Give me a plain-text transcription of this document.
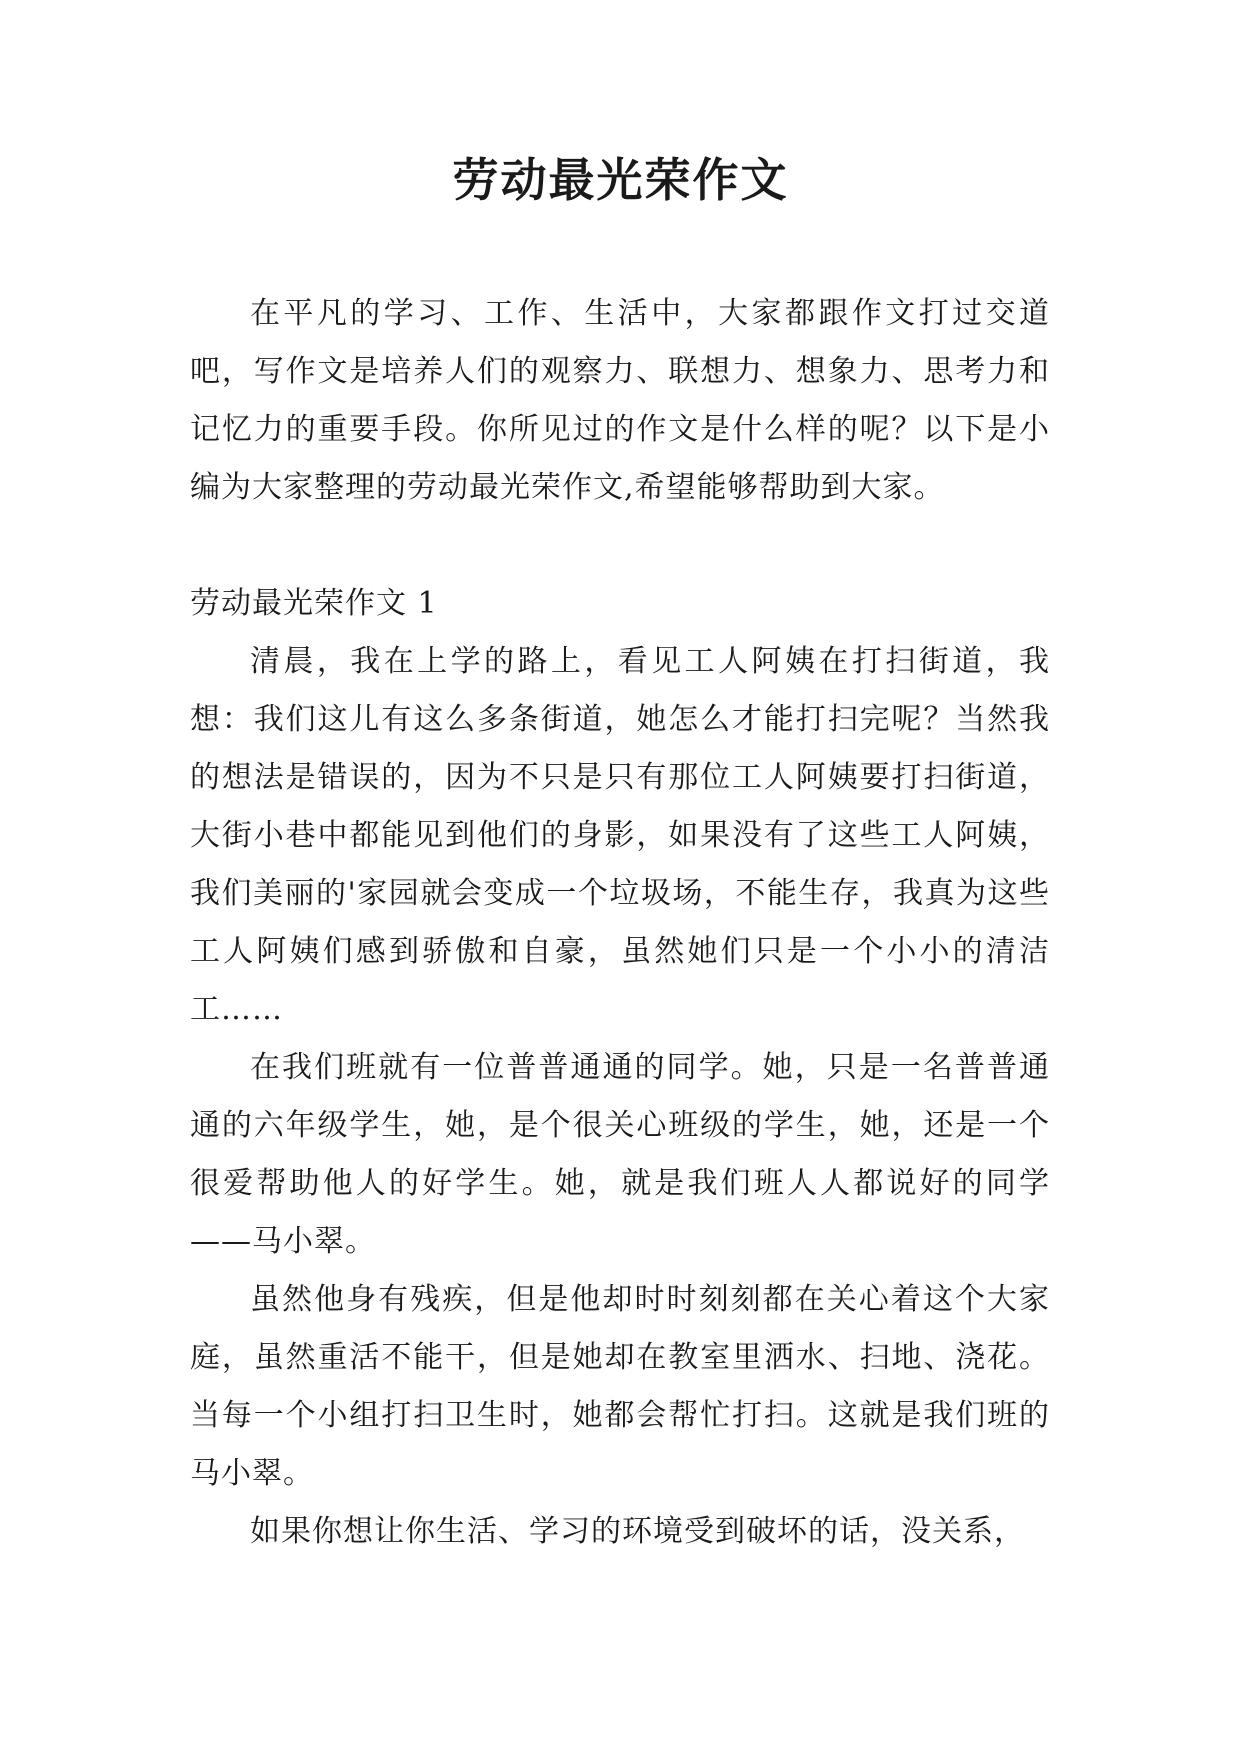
劳动最光荣作文

在平凡的学习、工作、生活中，大家都跟作文打过交道吧，写作文是培养人们的观察力、联想力、想象力、思考力和记忆力的重要手段。你所见过的作文是什么样的呢？以下是小编为大家整理的劳动最光荣作文,希望能够帮助到大家。

劳动最光荣作文 1

清晨，我在上学的路上，看见工人阿姨在打扫街道，我想：我们这儿有这么多条街道，她怎么才能打扫完呢？当然我的想法是错误的，因为不只是只有那位工人阿姨要打扫街道，大街小巷中都能见到他们的身影，如果没有了这些工人阿姨，我们美丽的'家园就会变成一个垃圾场，不能生存，我真为这些工人阿姨们感到骄傲和自豪，虽然她们只是一个小小的清洁工……

在我们班就有一位普普通通的同学。她，只是一名普普通通的六年级学生，她，是个很关心班级的学生，她，还是一个很爱帮助他人的好学生。她，就是我们班人人都说好的同学——马小翠。

虽然他身有残疾，但是他却时时刻刻都在关心着这个大家庭，虽然重活不能干，但是她却在教室里洒水、扫地、浇花。当每一个小组打扫卫生时，她都会帮忙打扫。这就是我们班的马小翠。

如果你想让你生活、学习的环境受到破坏的话，没关系，
